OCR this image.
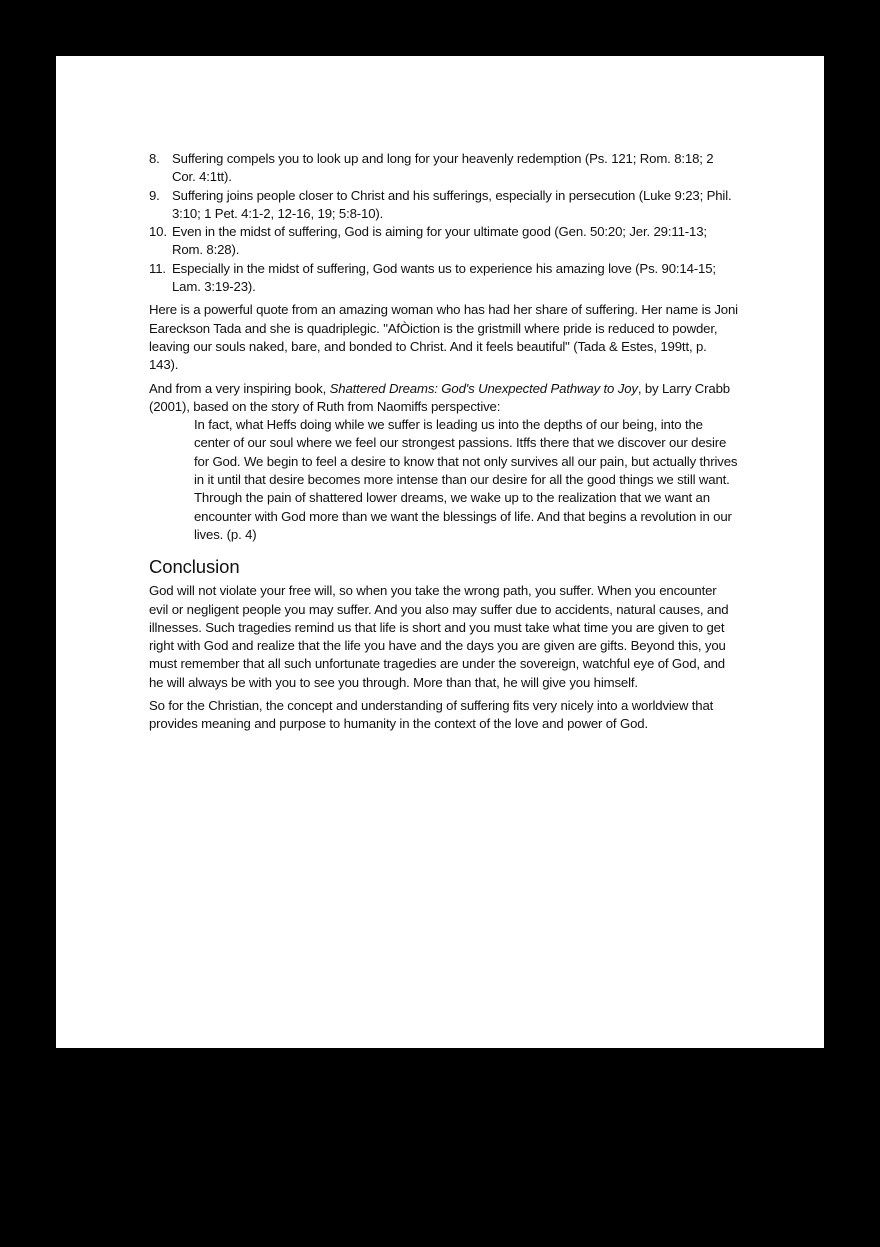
8. Suffering compels you to look up and long for your heavenly redemption (Ps. 121; Rom. 8:18; 2 Cor. 4:1tt).
9. Suffering joins people closer to Christ and his sufferings, especially in persecution (Luke 9:23; Phil. 3:10; 1 Pet. 4:1-2, 12-16, 19; 5:8-10).
10. Even in the midst of suffering, God is aiming for your ultimate good (Gen. 50:20; Jer. 29:11-13; Rom. 8:28).
11. Especially in the midst of suffering, God wants us to experience his amazing love (Ps. 90:14-15; Lam. 3:19-23).

Here is a powerful quote from an amazing woman who has had her share of suffering. Her name is Joni Eareckson Tada and she is quadriplegic. "AfÒiction is the gristmill where pride is reduced to powder, leaving our souls naked, bare, and bonded to Christ. And it feels beautiful" (Tada & Estes, 199tt, p. 143).

And from a very inspiring book, Shattered Dreams: God's Unexpected Pathway to Joy, by Larry Crabb (2001), based on the story of Ruth from Naomiffs perspective:

In fact, what Heffs doing while we suffer is leading us into the depths of our being, into the center of our soul where we feel our strongest passions. Itffs there that we discover our desire for God. We begin to feel a desire to know that not only survives all our pain, but actually thrives in it until that desire becomes more intense than our desire for all the good things we still want. Through the pain of shattered lower dreams, we wake up to the realization that we want an encounter with God more than we want the blessings of life. And that begins a revolution in our lives. (p. 4)

Conclusion

God will not violate your free will, so when you take the wrong path, you suffer. When you encounter evil or negligent people you may suffer. And you also may suffer due to accidents, natural causes, and illnesses. Such tragedies remind us that life is short and you must take what time you are given to get right with God and realize that the life you have and the days you are given are gifts. Beyond this, you must remember that all such unfortunate tragedies are under the sovereign, watchful eye of God, and he will always be with you to see you through. More than that, he will give you himself.

So for the Christian, the concept and understanding of suffering fits very nicely into a worldview that provides meaning and purpose to humanity in the context of the love and power of God.
